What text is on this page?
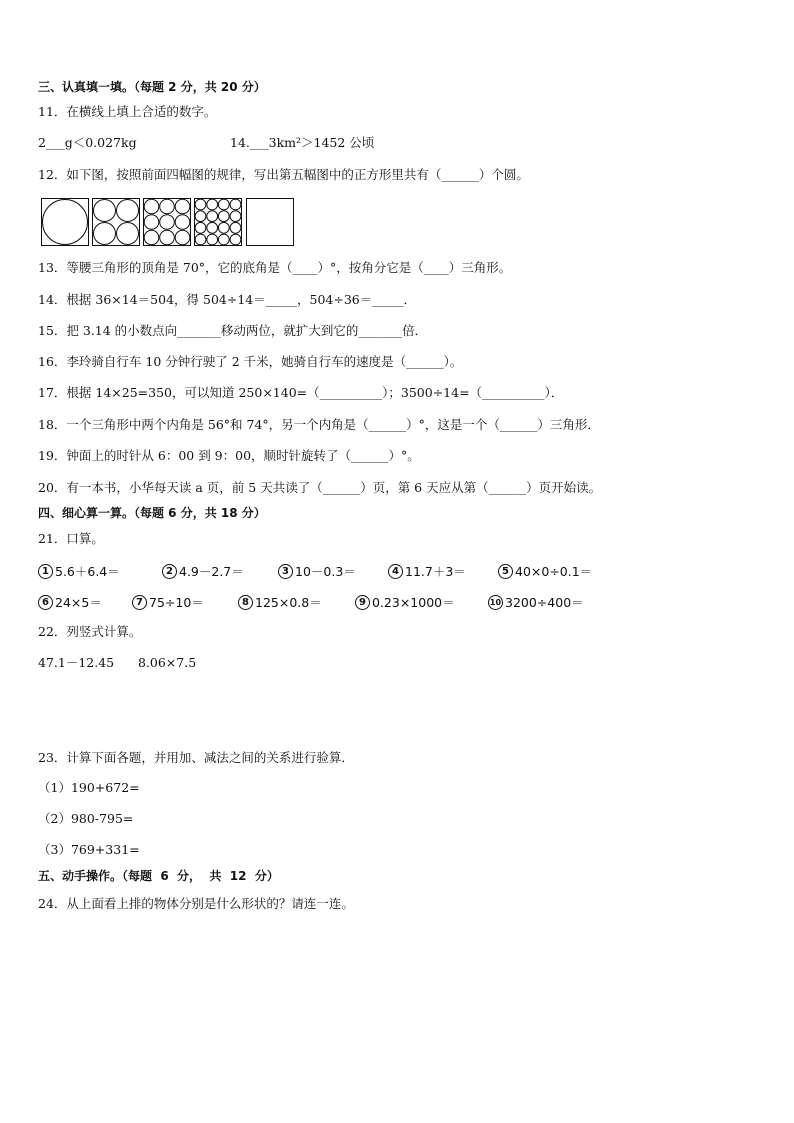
三、认真填一填。（每题 2 分，共 20 分）
11．在横线上填上合适的数字。
2___g＜0.027kg	14.___3km²＞1452 公顷
12．如下图，按照前面四幅图的规律，写出第五幅图中的正方形里共有（______）个圆。
13．等腰三角形的顶角是 70°，它的底角是（____）°，按角分它是（____）三角形。
14．根据 36×14＝504，得 504÷14＝_____，504÷36＝_____．
15．把 3.14 的小数点向_______移动两位，就扩大到它的_______倍．
16．李玲骑自行车 10 分钟行驶了 2 千米，她骑自行车的速度是（______）。
17．根据 14×25=350，可以知道 250×140=（__________）；3500÷14=（__________）．
18．一个三角形中两个内角是 56°和 74°，另一个内角是（______）°，这是一个（______）三角形．
19．钟面上的时针从 6：00 到 9：00，顺时针旋转了（______）°。
20．有一本书，小华每天读 a 页，前 5 天共读了（______）页，第 6 天应从第（______）页开始读。
四、细心算一算。（每题 6 分，共 18 分）
21．口算。
1 5.6＋6.4＝	2 4.9－2.7＝	3 10－0.3＝	4 11.7＋3＝	5 40×0÷0.1＝
6 24×5＝	7 75÷10＝	8 125×0.8＝	9 0.23×1000＝	10 3200÷400＝
22．列竖式计算。
47.1－12.45      8.06×7.5
23．计算下面各题，并用加、减法之间的关系进行验算．
（1）190+672=
（2）980-795=
（3）769+331=
五、动手操作。（每题  6  分，  共  12  分）
24．从上面看上排的物体分别是什么形状的？请连一连。
